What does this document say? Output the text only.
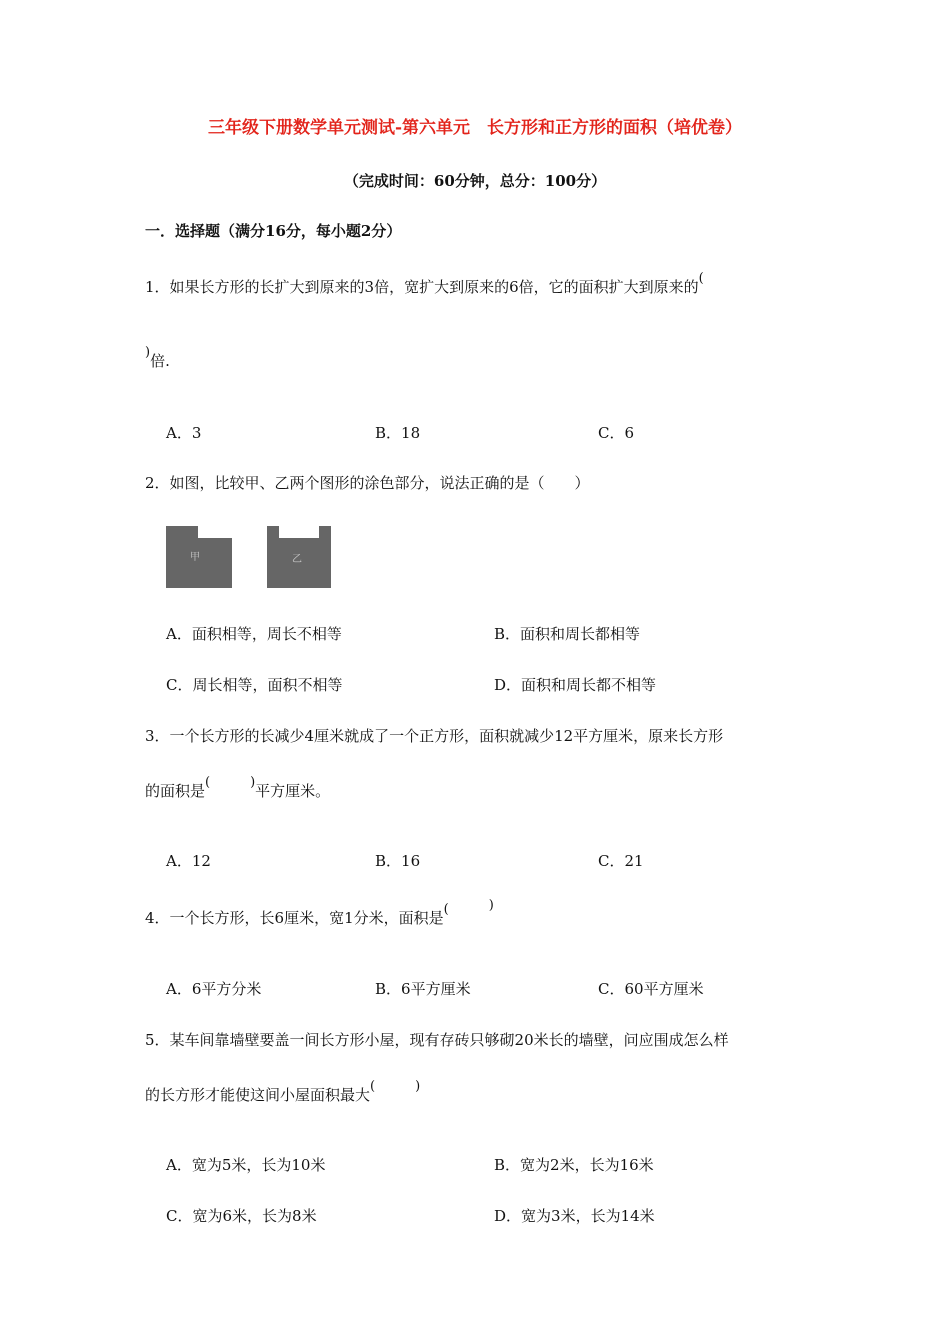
三年级下册数学单元测试-第六单元　长方形和正方形的面积（培优卷）
（完成时间：60分钟，总分：100分）
一．选择题（满分16分，每小题2分）
1．如果长方形的长扩大到原来的3倍，宽扩大到原来的6倍，它的面积扩大到原来的(
)倍.
A．3	B．18	C．6
2．如图，比较甲、乙两个图形的涂色部分，说法正确的是（　　）
甲	乙
A．面积相等，周长不相等	B．面积和周长都相等
C．周长相等，面积不相等	D．面积和周长都不相等
3．一个长方形的长减少4厘米就成了一个正方形，面积就减少12平方厘米，原来长方形
的面积是(	)平方厘米。
A．12	B．16	C．21
4．一个长方形，长6厘米，宽1分米，面积是(	)
A．6平方分米	B．6平方厘米	C．60平方厘米
5．某车间靠墙壁要盖一间长方形小屋，现有存砖只够砌20米长的墙壁，问应围成怎么样
的长方形才能使这间小屋面积最大(	)
A．宽为5米，长为10米	B．宽为2米，长为16米
C．宽为6米，长为8米	D．宽为3米，长为14米
